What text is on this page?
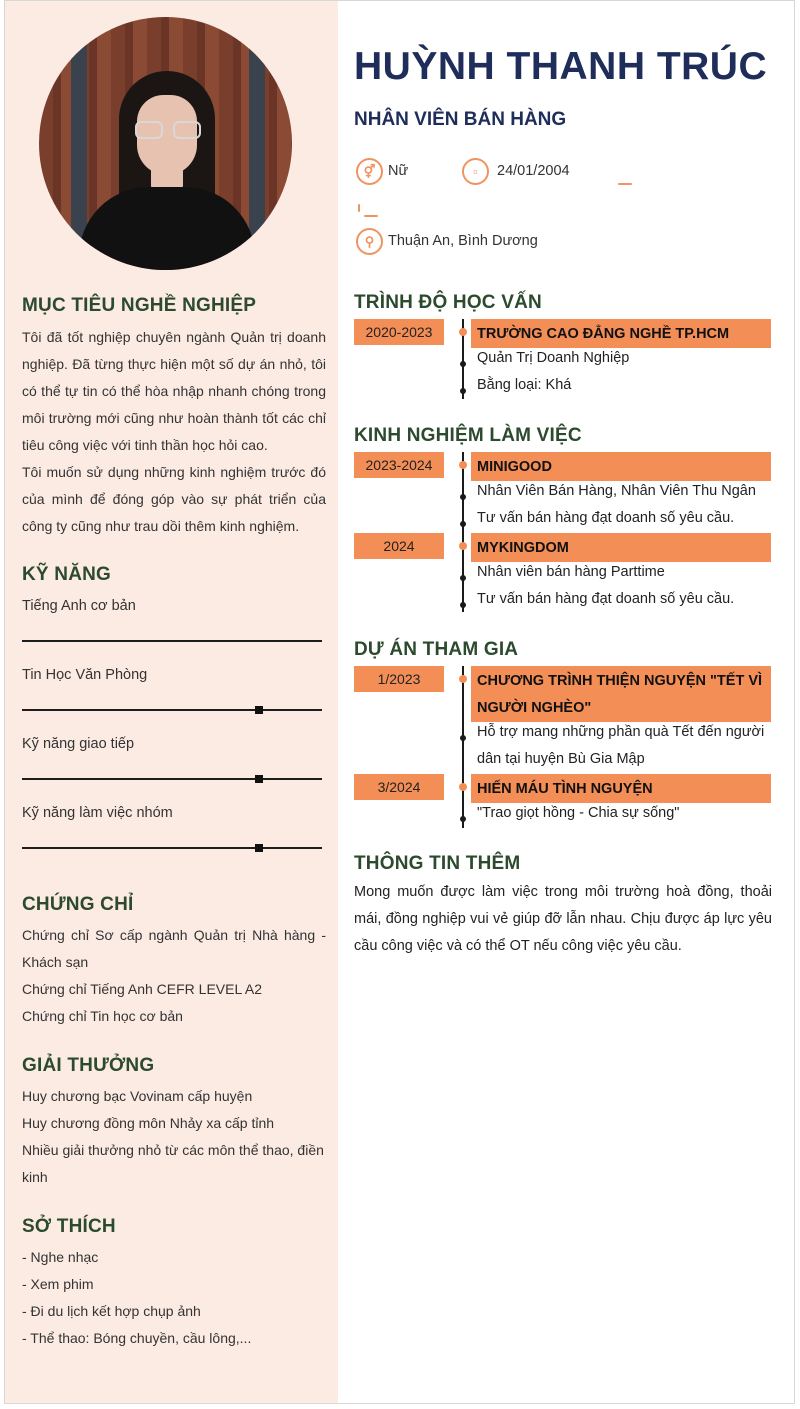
MỤC TIÊU NGHỀ NGHIỆP
Tôi đã tốt nghiệp chuyên ngành Quản trị doanh nghiệp. Đã từng thực hiện một số dự án nhỏ, tôi có thể tự tin có thể hòa nhập nhanh chóng trong môi trường mới cũng như hoàn thành tốt các chỉ tiêu công việc với tinh thần học hỏi cao.
Tôi muốn sử dụng những kinh nghiệm trước đó của mình để đóng góp vào sự phát triển của công ty cũng như trau dồi thêm kinh nghiệm.
KỸ NĂNG
Tiếng Anh cơ bản
Tin Học Văn Phòng
Kỹ năng giao tiếp
Kỹ năng làm việc nhóm
CHỨNG CHỈ
Chứng chỉ Sơ cấp ngành Quản trị Nhà hàng - Khách sạn
Chứng chỉ Tiếng Anh CEFR LEVEL A2
Chứng chỉ Tin học cơ bản
GIẢI THƯỞNG
Huy chương bạc Vovinam cấp huyện
Huy chương đồng môn Nhảy xa cấp tỉnh
Nhiều giải thưởng nhỏ từ các môn thể thao, điền kinh
SỞ THÍCH
- Nghe nhạc
- Xem phim
- Đi du lịch kết hợp chụp ảnh
- Thể thao: Bóng chuyền, cầu lông,...
HUỲNH THANH TRÚC
NHÂN VIÊN BÁN HÀNG
⚥ Nữ	▫	24/01/2004
⚲ Thuận An, Bình Dương
TRÌNH ĐỘ HỌC VẤN
2020-2023	TRƯỜNG CAO ĐẲNG NGHỀ TP.HCM
Quản Trị Doanh Nghiệp
Bằng loại: Khá
KINH NGHIỆM LÀM VIỆC
2023-2024	MINIGOOD
Nhân Viên Bán Hàng, Nhân Viên Thu Ngân
Tư vấn bán hàng đạt doanh số yêu cầu.
2024	MYKINGDOM
Nhân viên bán hàng Parttime
Tư vấn bán hàng đạt doanh số yêu cầu.
DỰ ÁN THAM GIA
1/2023	CHƯƠNG TRÌNH THIỆN NGUYỆN "TẾT VÌ NGƯỜI NGHÈO"
Hỗ trợ mang những phần quà Tết đến người dân tại huyện Bù Gia Mập
3/2024	HIẾN MÁU TÌNH NGUYỆN
"Trao giọt hồng - Chia sự sống"
THÔNG TIN THÊM
Mong muốn được làm việc trong môi trường hoà đồng, thoải mái, đồng nghiệp vui vẻ giúp đỡ lẫn nhau. Chịu được áp lực yêu cầu công việc và có thể OT nếu công việc yêu cầu.
